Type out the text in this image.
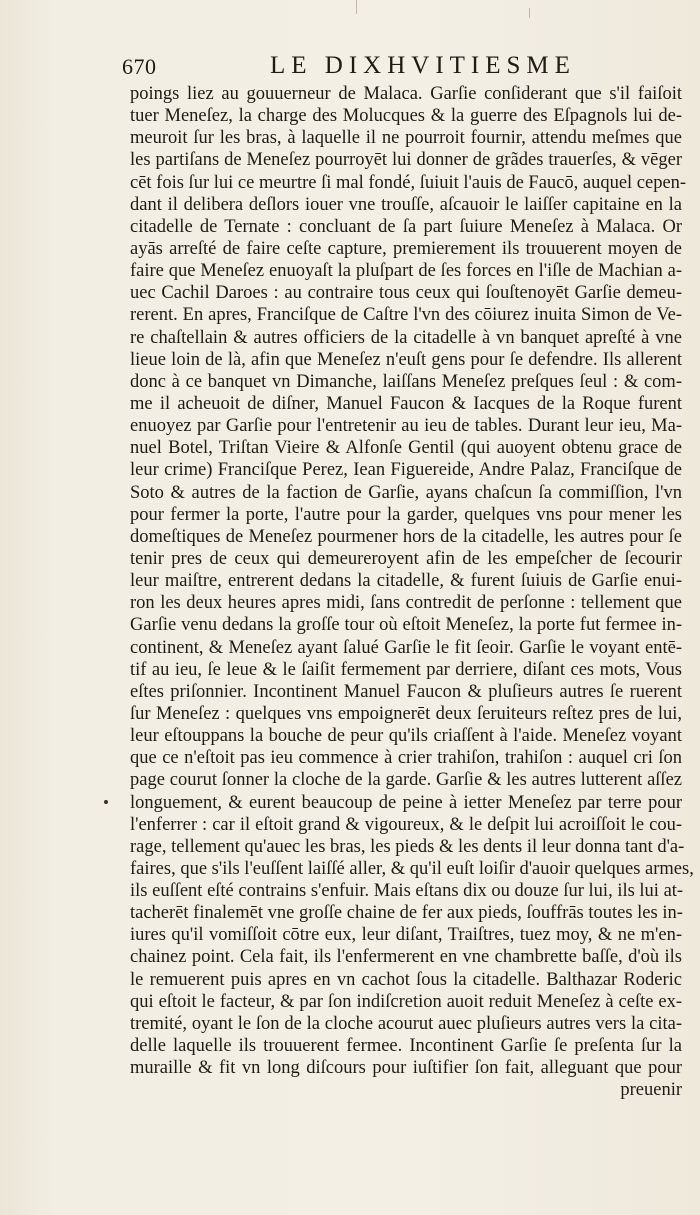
670	LE DIXHVITIESME
poings liez au gouuerneur de Malaca. Garſie conſiderant que s'il faiſoit
tuer Meneſez, la charge des Molucques & la guerre des Eſpagnols lui de-
meuroit ſur les bras, à laquelle il ne pourroit fournir, attendu meſmes que
les partiſans de Meneſez pourroyēt lui donner de grãdes trauerſes, & vēger
cēt fois ſur lui ce meurtre ſi mal fondé, ſuiuit l'auis de Faucō, auquel cepen-
dant il delibera deſlors iouer vne trouſſe, aſcauoir le laiſſer capitaine en la
citadelle de Ternate : concluant de ſa part ſuiure Meneſez à Malaca. Or
ayās arreſté de faire ceſte capture, premierement ils trouuerent moyen de
faire que Meneſez enuoyaſt la pluſpart de ſes forces en l'iſle de Machian a-
uec Cachil Daroes : au contraire tous ceux qui ſouſtenoyēt Garſie demeu-
rerent. En apres, Franciſque de Caſtre l'vn des cōiurez inuita Simon de Ve-
re chaſtellain & autres officiers de la citadelle à vn banquet apreſté à vne
lieue loin de là, afin que Meneſez n'euſt gens pour ſe defendre. Ils allerent
donc à ce banquet vn Dimanche, laiſſans Meneſez preſques ſeul : & com-
me il acheuoit de diſner, Manuel Faucon & Iacques de la Roque furent
enuoyez par Garſie pour l'entretenir au ieu de tables. Durant leur ieu, Ma-
nuel Botel, Triſtan Vieire & Alfonſe Gentil (qui auoyent obtenu grace de
leur crime) Franciſque Perez, Iean Figuereide, Andre Palaz, Franciſque de
Soto & autres de la faction de Garſie, ayans chaſcun ſa commiſſion, l'vn
pour fermer la porte, l'autre pour la garder, quelques vns pour mener les
domeſtiques de Meneſez pourmener hors de la citadelle, les autres pour ſe
tenir pres de ceux qui demeureroyent afin de les empeſcher de ſecourir
leur maiſtre, entrerent dedans la citadelle, & furent ſuiuis de Garſie enui-
ron les deux heures apres midi, ſans contredit de perſonne : tellement que
Garſie venu dedans la groſſe tour où eſtoit Meneſez, la porte fut fermee in-
continent, & Meneſez ayant ſalué Garſie le fit ſeoir. Garſie le voyant entē-
tif au ieu, ſe leue & le ſaiſit fermement par derriere, diſant ces mots, Vous
eſtes priſonnier. Incontinent Manuel Faucon & pluſieurs autres ſe ruerent
ſur Meneſez : quelques vns empoignerēt deux ſeruiteurs reſtez pres de lui,
leur eſtouppans la bouche de peur qu'ils criaſſent à l'aide. Meneſez voyant
que ce n'eſtoit pas ieu commence à crier trahiſon, trahiſon : auquel cri ſon
page courut ſonner la cloche de la garde. Garſie & les autres lutterent aſſez
longuement, & eurent beaucoup de peine à ietter Meneſez par terre pour
l'enferrer : car il eſtoit grand & vigoureux, & le deſpit lui acroiſſoit le cou-
rage, tellement qu'auec les bras, les pieds & les dents il leur donna tant d'a-
faires, que s'ils l'euſſent laiſſé aller, & qu'il euſt loiſir d'auoir quelques armes,
ils euſſent eſté contrains s'enfuir. Mais eſtans dix ou douze ſur lui, ils lui at-
tacherēt finalemēt vne groſſe chaine de fer aux pieds, ſouffrās toutes les in-
iures qu'il vomiſſoit cōtre eux, leur diſant, Traiſtres, tuez moy, & ne m'en-
chainez point. Cela fait, ils l'enfermerent en vne chambrette baſſe, d'où ils
le remuerent puis apres en vn cachot ſous la citadelle. Balthazar Roderic
qui eſtoit le facteur, & par ſon indiſcretion auoit reduit Meneſez à ceſte ex-
tremité, oyant le ſon de la cloche acourut auec pluſieurs autres vers la cita-
delle laquelle ils trouuerent fermee. Incontinent Garſie ſe preſenta ſur la
muraille & fit vn long diſcours pour iuſtifier ſon fait, alleguant que pour
preuenir
